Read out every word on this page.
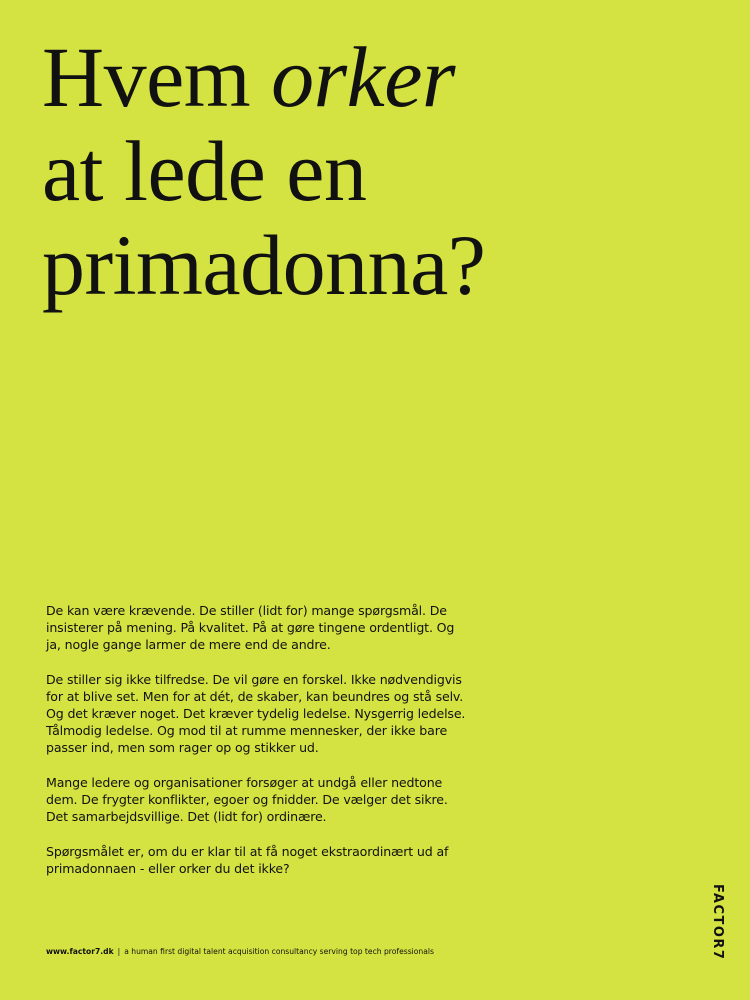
Hvem orker
at lede en
primadonna?

De kan være krævende. De stiller (lidt for) mange spørgsmål. De insisterer på mening. På kvalitet. På at gøre tingene ordentligt. Og ja, nogle gange larmer de mere end de andre.

De stiller sig ikke tilfredse. De vil gøre en forskel. Ikke nødvendigvis for at blive set. Men for at dét, de skaber, kan beundres og stå selv. Og det kræver noget. Det kræver tydelig ledelse. Nysgerrig ledelse. Tålmodig ledelse. Og mod til at rumme mennesker, der ikke bare passer ind, men som rager op og stikker ud.

Mange ledere og organisationer forsøger at undgå eller nedtone dem. De frygter konflikter, egoer og fnidder. De vælger det sikre. Det samarbejdsvillige. Det (lidt for) ordinære.

Spørgsmålet er, om du er klar til at få noget ekstraordinært ud af primadonnaen - eller orker du det ikke?

www.factor7.dk | a human first digital talent acquisition consultancy serving top tech professionals	FACTOR7
